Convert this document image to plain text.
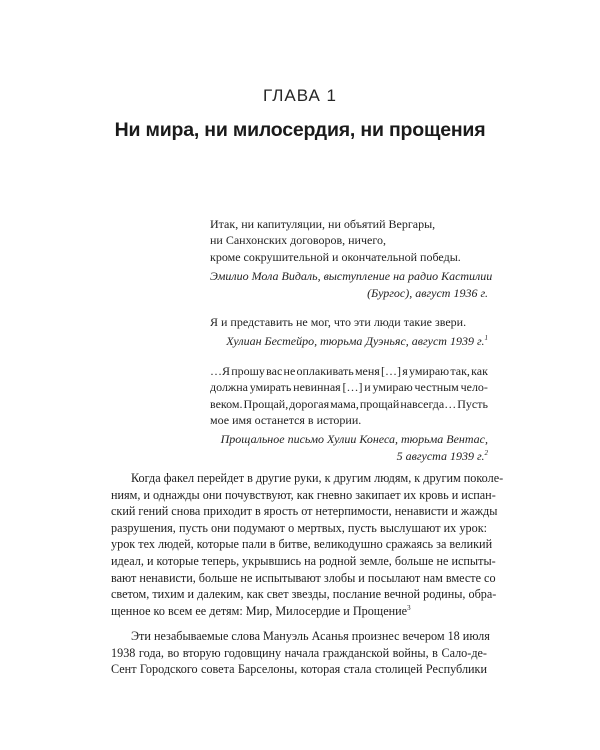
ГЛАВА 1
Ни мира, ни милосердия, ни прощения
Итак, ни капитуляции, ни объятий Вергары,
ни Санхонских договоров, ничего,
кроме сокрушительной и окончательной победы.
Эмилио Мола Видаль, выступление на радио Кастилии
(Бургос), август 1936 г.
Я и представить не мог, что эти люди такие звери.
Хулиан Бестейро, тюрьма Дуэньяс, август 1939 г.$^1$
…Я прошу вас не оплакивать меня […] я умираю так, как
должна умирать невинная […] и умираю честным чело-
веком. Прощай, дорогая мама, прощай навсегда… Пусть
мое имя останется в истории.
Прощальное письмо Хулии Конеса, тюрьма Вентас,
5 августа 1939 г.$^2$
Когда факел перейдет в другие руки, к другим людям, к другим поколе-
ниям, и однажды они почувствуют, как гневно закипает их кровь и испан-
ский гений снова приходит в ярость от нетерпимости, ненависти и жажды
разрушения, пусть они подумают о мертвых, пусть выслушают их урок:
урок тех людей, которые пали в битве, великодушно сражаясь за великий
идеал, и которые теперь, укрывшись на родной земле, больше не испыты-
вают ненависти, больше не испытывают злобы и посылают нам вместе со
светом, тихим и далеким, как свет звезды, послание вечной родины, обра-
щенное ко всем ее детям: Мир, Милосердие и Прощение$^3$
Эти незабываемые слова Мануэль Асанья произнес вечером 18 июля
1938 года, во вторую годовщину начала гражданской войны, в Сало-де-
Сент Городского совета Барселоны, которая стала столицей Республики
